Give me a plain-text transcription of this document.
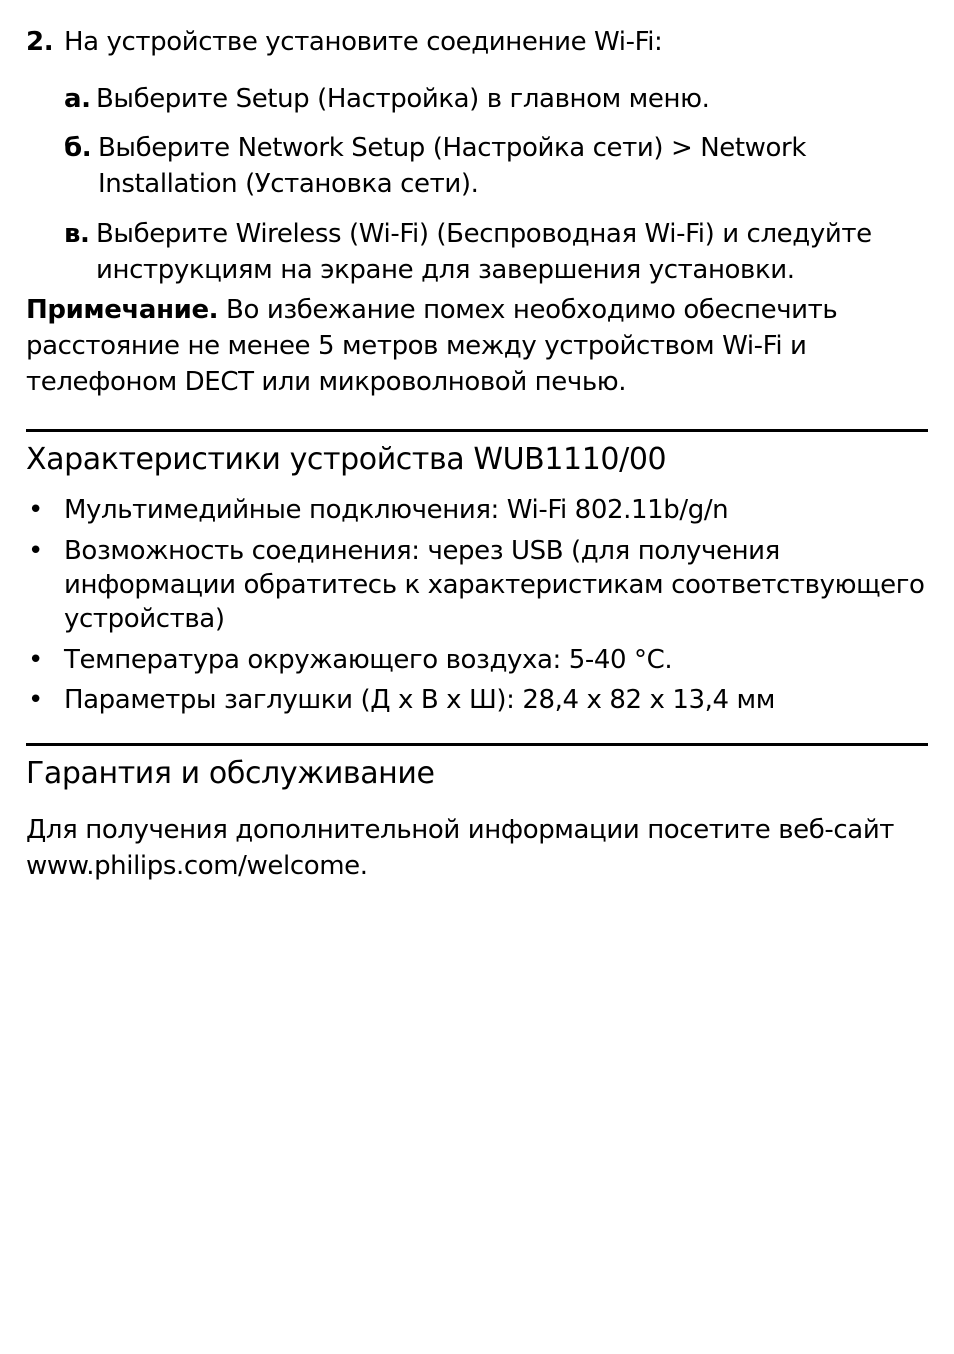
2. На устройстве установите соединение Wi-Fi:
a. Выберите Setup (Настройка) в главном меню.
б. Выберите Network Setup (Настройка сети) > Network
Installation (Установка сети).
в. Выберите Wireless (Wi-Fi) (Беспроводная Wi-Fi) и следуйте
инструкциям на экране для завершения установки.
Примечание. Во избежание помех необходимо обеспечить
расстояние не менее 5 метров между устройством Wi-Fi и
телефоном DECT или микроволновой печью.
Характеристики устройства WUB1110/00
• Мультимедийные подключения: Wi-Fi 802.11b/g/n
• Возможность соединения: через USB (для получения
информации обратитесь к характеристикам соответствующего
устройства)
• Температура окружающего воздуха: 5-40 °C.
• Параметры заглушки (Д x В x Ш): 28,4 x 82 x 13,4 мм
Гарантия и обслуживание
Для получения дополнительной информации посетите веб-сайт
www.philips.com/welcome.
